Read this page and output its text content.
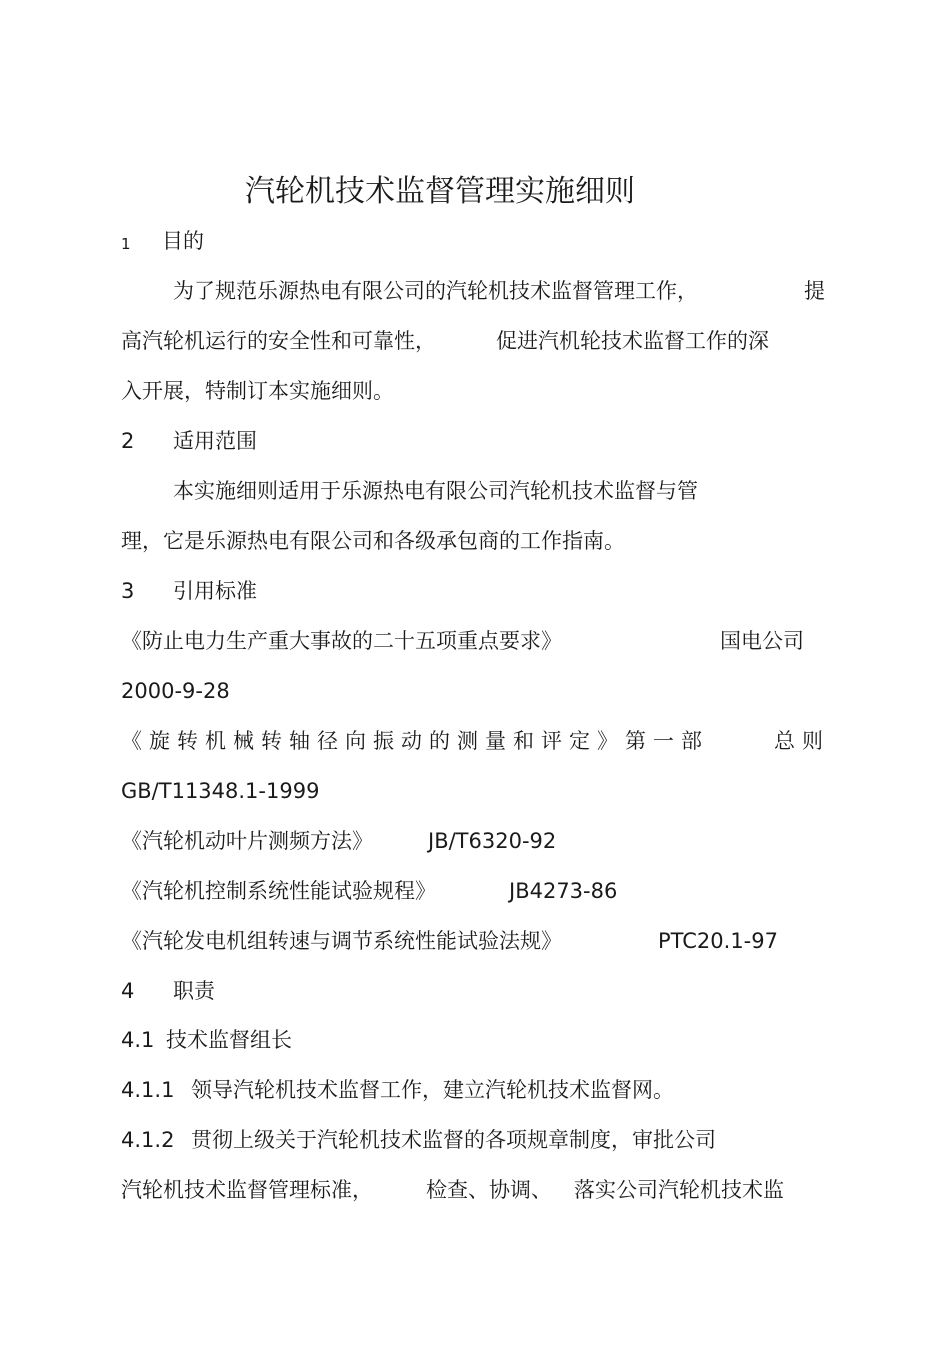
汽轮机技术监督管理实施细则
1 目的
为了规范乐源热电有限公司的汽轮机技术监督管理工作，	提
高汽轮机运行的安全性和可靠性，	促进汽机轮技术监督工作的深
入开展，特制订本实施细则。
2 适用范围
本实施细则适用于乐源热电有限公司汽轮机技术监督与管
理，它是乐源热电有限公司和各级承包商的工作指南。
3 引用标准
《防止电力生产重大事故的二十五项重点要求》	国电公司
2000-9-28
《旋转机械转轴径向振动的测量和评定》第一部	总则
GB/T11348.1-1999
《汽轮机动叶片测频方法》	JB/T6320-92
《汽轮机控制系统性能试验规程》	JB4273-86
《汽轮发电机组转速与调节系统性能试验法规》	PTC20.1-97
4 职责
4.1 技术监督组长
4.1.1 领导汽轮机技术监督工作，建立汽轮机技术监督网。
4.1.2 贯彻上级关于汽轮机技术监督的各项规章制度，审批公司
汽轮机技术监督管理标准，	检查、协调、 落实公司汽轮机技术监
